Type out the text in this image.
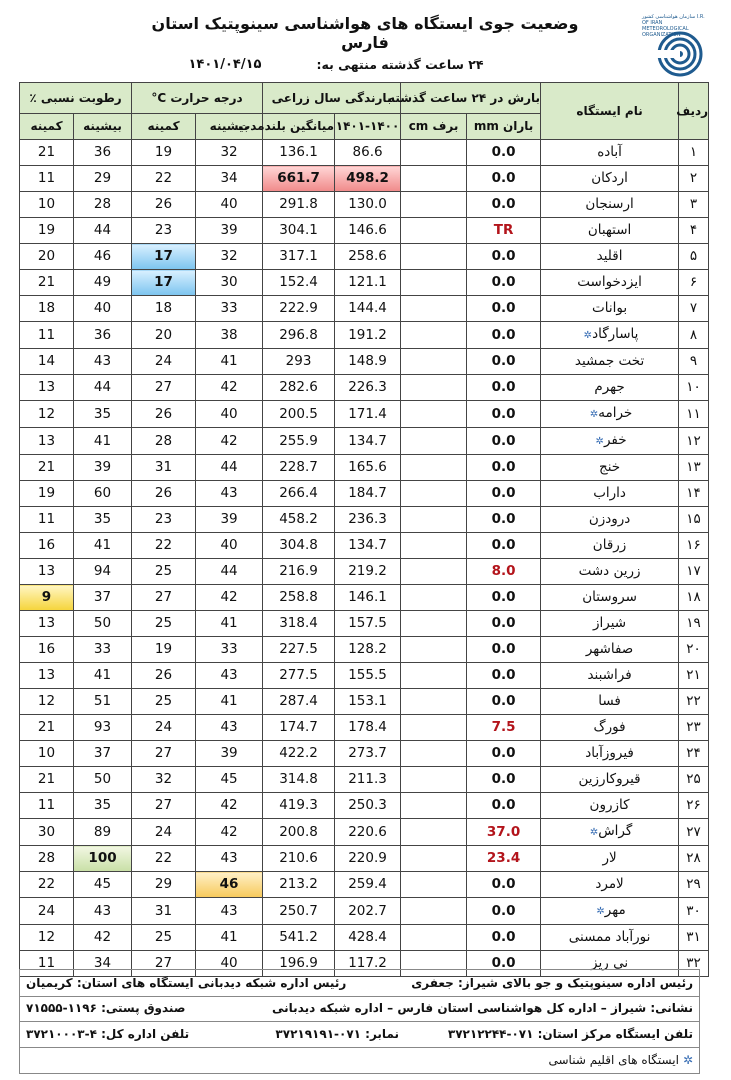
وضعیت جوی ایستگاه های هواشناسی سینوپتیک استان فارس
۲۴ ساعت گذشته منتهی به:
۱۴۰۱/۰۴/۱۵
سازمان هواشناسی کشور I.R. OF IRAN METEOROLOGICAL ORGANIZATION
ردیف	نام ایستگاه	بارش در ۲۴ ساعت گذشته		بارندگی سال زراعی		درجه حرارت C°		رطوبت نسبی ٪	
		باران mm	برف cm	۱۴۰۱-۱۴۰۰	میانگین بلندمدت	بیشینه	کمینه	بیشینه	کمینه
۱	آباده	0.0		86.6	136.1	32	19	36	21
۲	اردکان	0.0		498.2	661.7	34	22	29	11
۳	ارسنجان	0.0		130.0	291.8	40	26	28	10
۴	استهبان	TR		146.6	304.1	39	23	44	19
۵	اقلید	0.0		258.6	317.1	32	17	46	20
۶	ایزدخواست	0.0		121.1	152.4	30	17	49	21
۷	بوانات	0.0		144.4	222.9	33	18	40	18
۸	پاسارگاد✲	0.0		191.2	296.8	38	20	36	11
۹	تخت جمشید	0.0		148.9	293	41	24	43	14
۱۰	جهرم	0.0		226.3	282.6	42	27	44	13
۱۱	خرامه✲	0.0		171.4	200.5	40	26	35	12
۱۲	خفر✲	0.0		134.7	255.9	42	28	41	13
۱۳	خنج	0.0		165.6	228.7	44	31	39	21
۱۴	داراب	0.0		184.7	266.4	43	26	60	19
۱۵	درودزن	0.0		236.3	458.2	39	23	35	11
۱۶	زرقان	0.0		134.7	304.8	40	22	41	16
۱۷	زرین دشت	8.0		219.2	216.9	44	25	94	13
۱۸	سروستان	0.0		146.1	258.8	42	27	37	9
۱۹	شیراز	0.0		157.5	318.4	41	25	50	13
۲۰	صفاشهر	0.0		128.2	227.5	33	19	33	16
۲۱	فراشبند	0.0		155.5	277.5	43	26	41	13
۲۲	فسا	0.0		153.1	287.4	41	25	51	12
۲۳	فورگ	7.5		178.4	174.7	43	24	93	21
۲۴	فیروزآباد	0.0		273.7	422.2	39	27	37	10
۲۵	قیروکارزین	0.0		211.3	314.8	45	32	50	21
۲۶	کازرون	0.0		250.3	419.3	42	27	35	11
۲۷	گراش✲	37.0		220.6	200.8	42	24	89	30
۲۸	لار	23.4		220.9	210.6	43	22	100	28
۲۹	لامرد	0.0		259.4	213.2	46	29	45	22
۳۰	مهر✲	0.0		202.7	250.7	43	31	43	24
۳۱	نورآباد ممسنی	0.0		428.4	541.2	41	25	42	12
۳۲	نی ریز	0.0		117.2	196.9	40	27	34	11
رئیس اداره سینوپتیک و جو بالای شیراز: جعفری
رئیس اداره شبکه دیدبانی ایستگاه های استان: کریمیان
نشانی: شیراز – اداره کل هواشناسی استان فارس – اداره شبکه دیدبانی
صندوق پستی: ۱۱۹۶-۷۱۵۵۵
تلفن ایستگاه مرکز استان: ۰۷۱-۳۷۲۱۲۲۴۴
نمابر: ۰۷۱-۳۷۲۱۹۱۹۱
تلفن اداره کل: ۴-۳۷۲۱۰۰۰۳
✲ایستگاه های اقلیم شناسی
